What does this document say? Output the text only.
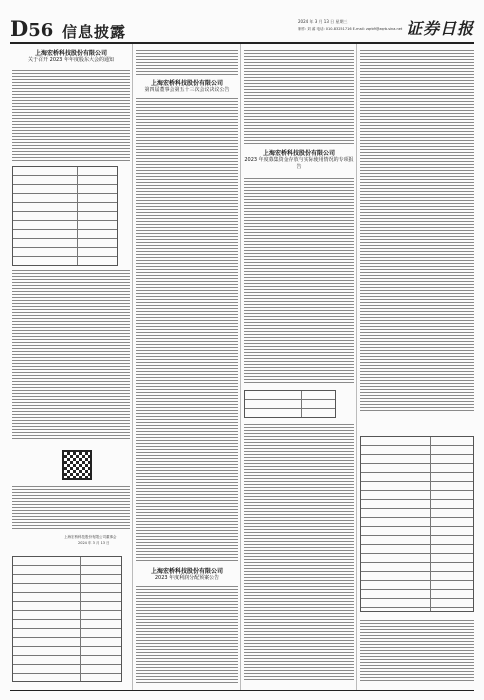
D56 信息披露
2024 年 3 月 13 日 星期三
制作: 刘 睿 电话: 010-83251716 E-mail: zqrb9@zqrb.sina.net 证券日报
上海宏桥科技股份有限公司
关于召开 2023 年年度股东大会的通知
上海宏桥科技股份有限公司董事会
2024 年 3 月 13 日
上海宏桥科技股份有限公司
第四届董事会第五十三次会议决议公告
上海宏桥科技股份有限公司
2023 年度利润分配预案公告
上海宏桥科技股份有限公司
2023 年度募集资金存放与实际使用情况的专项报告
